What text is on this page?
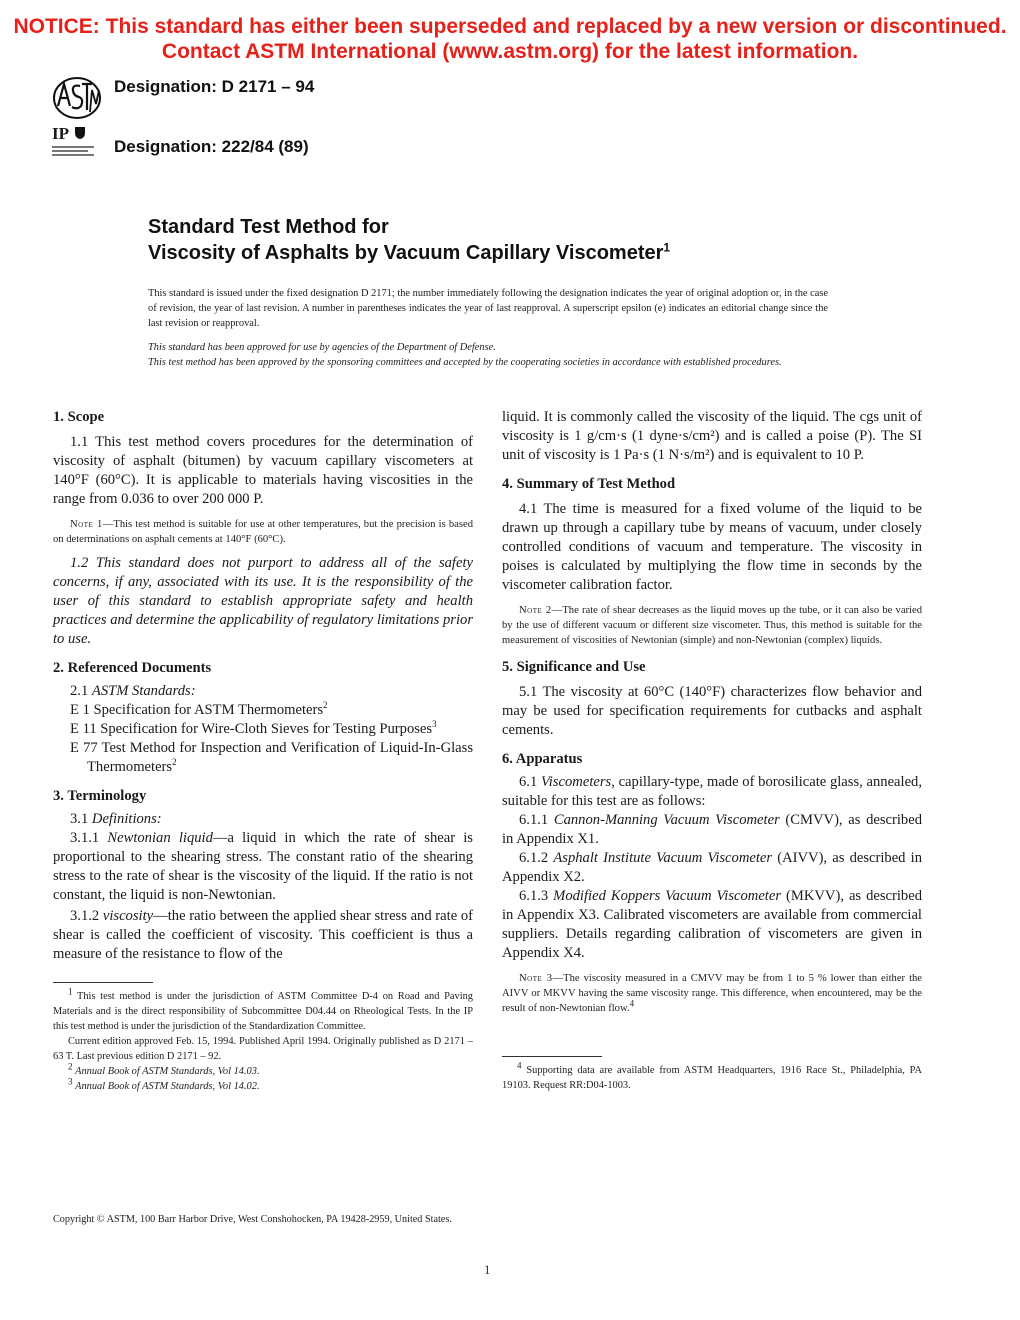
NOTICE: This standard has either been superseded and replaced by a new version or discontinued.
Contact ASTM International (www.astm.org) for the latest information.
Designation: D 2171 – 94
IP
Designation: 222/84 (89)
Standard Test Method for
Viscosity of Asphalts by Vacuum Capillary Viscometer$^1$

This standard is issued under the fixed designation D 2171; the number immediately following the designation indicates the year of original adoption or, in the case of revision, the year of last revision. A number in parentheses indicates the year of last reapproval. A superscript epsilon (e) indicates an editorial change since the last revision or reapproval.

This standard has been approved for use by agencies of the Department of Defense.

This test method has been approved by the sponsoring committees and accepted by the cooperating societies in accordance with established procedures.

1. Scope

1.1 This test method covers procedures for the determination of viscosity of asphalt (bitumen) by vacuum capillary viscometers at 140°F (60°C). It is applicable to materials having viscosities in the range from 0.036 to over 200 000 P.

Note 1—This test method is suitable for use at other temperatures, but the precision is based on determinations on asphalt cements at 140°F (60°C).

1.2 This standard does not purport to address all of the safety concerns, if any, associated with its use. It is the responsibility of the user of this standard to establish appropriate safety and health practices and determine the applicability of regulatory limitations prior to use.

2. Referenced Documents

2.1 ASTM Standards:

E 1 Specification for ASTM Thermometers$^2$

E 11 Specification for Wire-Cloth Sieves for Testing Purposes$^3$

E 77 Test Method for Inspection and Verification of Liquid-In-Glass Thermometers$^2$

3. Terminology

3.1 Definitions:

3.1.1 Newtonian liquid—a liquid in which the rate of shear is proportional to the shearing stress. The constant ratio of the shearing stress to the rate of shear is the viscosity of the liquid. If the ratio is not constant, the liquid is non-Newtonian.

3.1.2 viscosity—the ratio between the applied shear stress and rate of shear is called the coefficient of viscosity. This coefficient is thus a measure of the resistance to flow of the

$^1$ This test method is under the jurisdiction of ASTM Committee D-4 on Road and Paving Materials and is the direct responsibility of Subcommittee D04.44 on Rheological Tests. In the IP this test method is under the jurisdiction of the Standardization Committee.

Current edition approved Feb. 15, 1994. Published April 1994. Originally published as D 2171 – 63 T. Last previous edition D 2171 – 92.

$^2$ Annual Book of ASTM Standards, Vol 14.03.

$^3$ Annual Book of ASTM Standards, Vol 14.02.

liquid. It is commonly called the viscosity of the liquid. The cgs unit of viscosity is 1 g/cm·s (1 dyne·s/cm²) and is called a poise (P). The SI unit of viscosity is 1 Pa·s (1 N·s/m²) and is equivalent to 10 P.

4. Summary of Test Method

4.1 The time is measured for a fixed volume of the liquid to be drawn up through a capillary tube by means of vacuum, under closely controlled conditions of vacuum and temperature. The viscosity in poises is calculated by multiplying the flow time in seconds by the viscometer calibration factor.

Note 2—The rate of shear decreases as the liquid moves up the tube, or it can also be varied by the use of different vacuum or different size viscometer. Thus, this method is suitable for the measurement of viscosities of Newtonian (simple) and non-Newtonian (complex) liquids.

5. Significance and Use

5.1 The viscosity at 60°C (140°F) characterizes flow behavior and may be used for specification requirements for cutbacks and asphalt cements.

6. Apparatus

6.1 Viscometers, capillary-type, made of borosilicate glass, annealed, suitable for this test are as follows:

6.1.1 Cannon-Manning Vacuum Viscometer (CMVV), as described in Appendix X1.

6.1.2 Asphalt Institute Vacuum Viscometer (AIVV), as described in Appendix X2.

6.1.3 Modified Koppers Vacuum Viscometer (MKVV), as described in Appendix X3. Calibrated viscometers are available from commercial suppliers. Details regarding calibration of viscometers are given in Appendix X4.

Note 3—The viscosity measured in a CMVV may be from 1 to 5 % lower than either the AIVV or MKVV having the same viscosity range. This difference, when encountered, may be the result of non-Newtonian flow.$^4$

$^4$ Supporting data are available from ASTM Headquarters, 1916 Race St., Philadelphia, PA 19103. Request RR:D04-1003.

Copyright © ASTM, 100 Barr Harbor Drive, West Conshohocken, PA 19428-2959, United States.
1
